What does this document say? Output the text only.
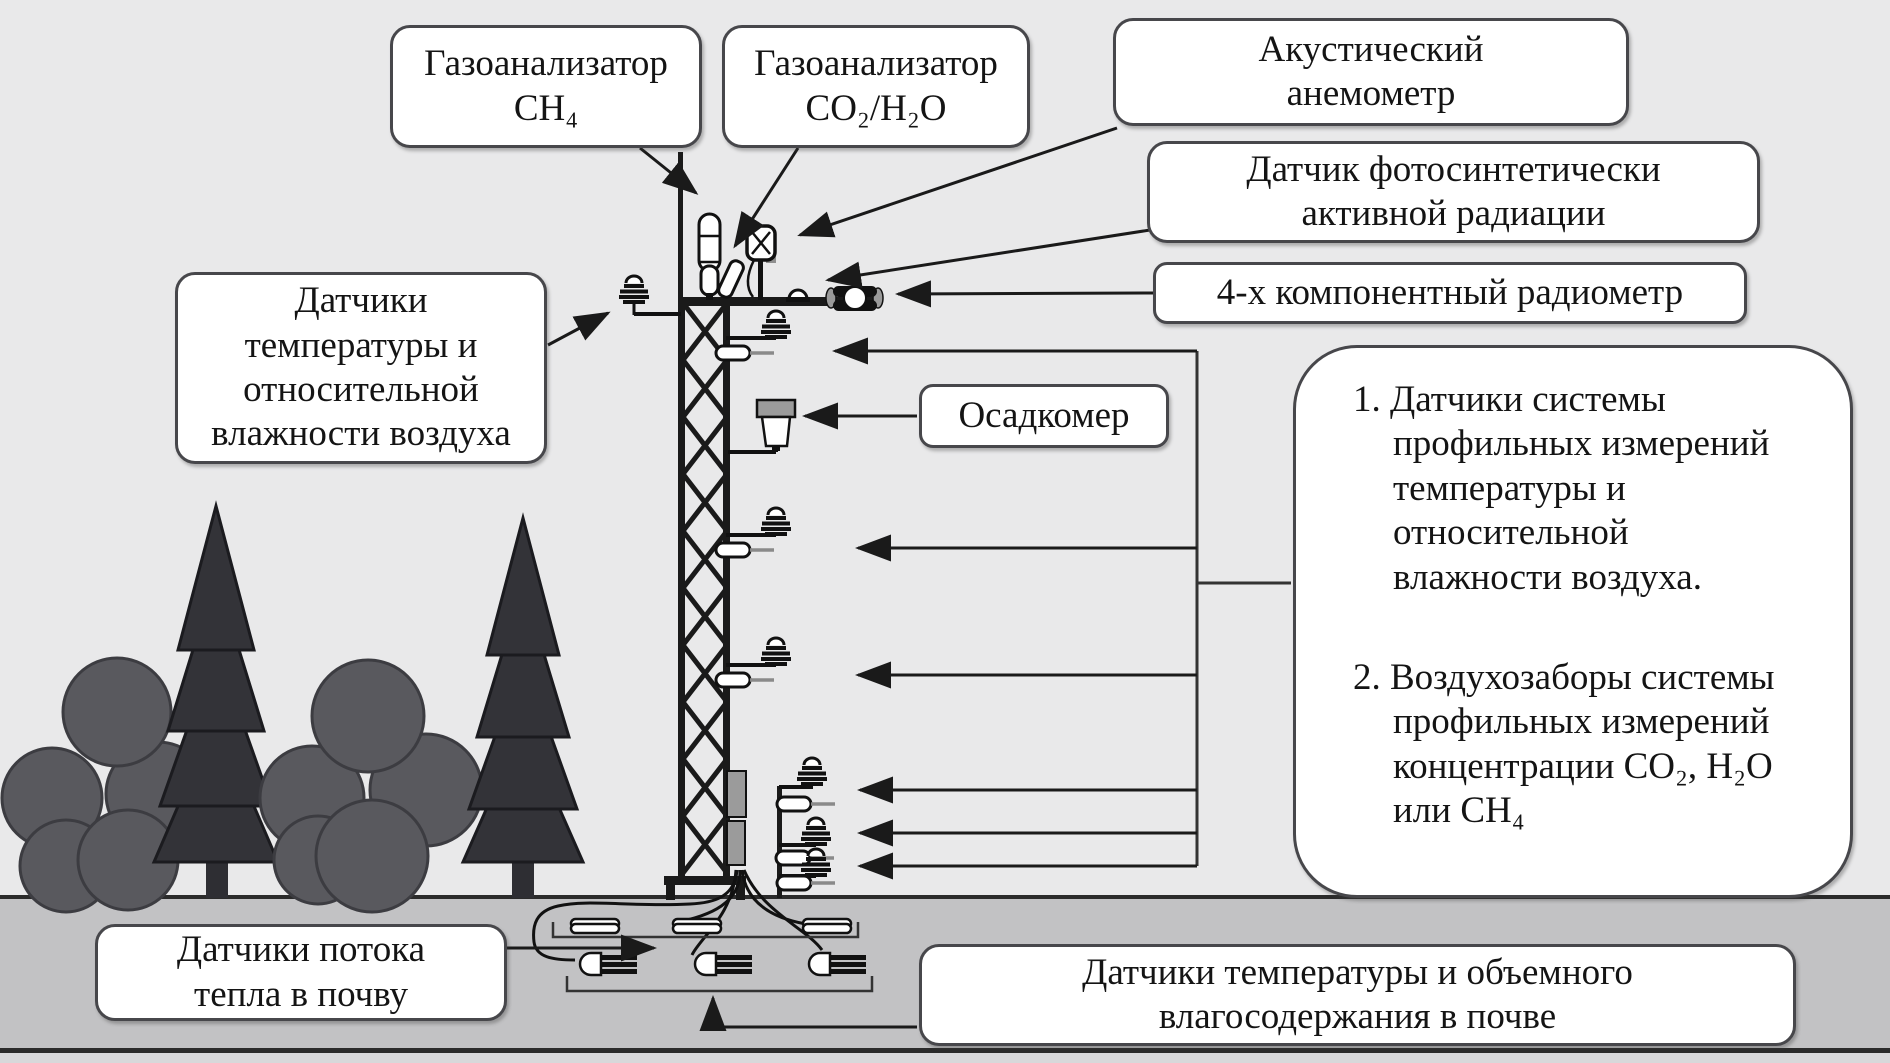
Газоанализатор
CH₄
Газоанализатор
CO₂/H₂O
Акустический
анемометр
Датчик фотосинтетически
активной радиации
4-х компонентный радиометр
Датчики
температуры и
относительной
влажности воздуха	Осадкомер	1. Датчики системы
профильных измерений
температуры и
относительной
влажности воздуха.
2. Воздухозаборы системы
профильных измерений
концентрации CO₂, H₂O
или CH₄
Датчики потока
тепла в почву
Датчики температуры и объемного
влагосодержания в почве
